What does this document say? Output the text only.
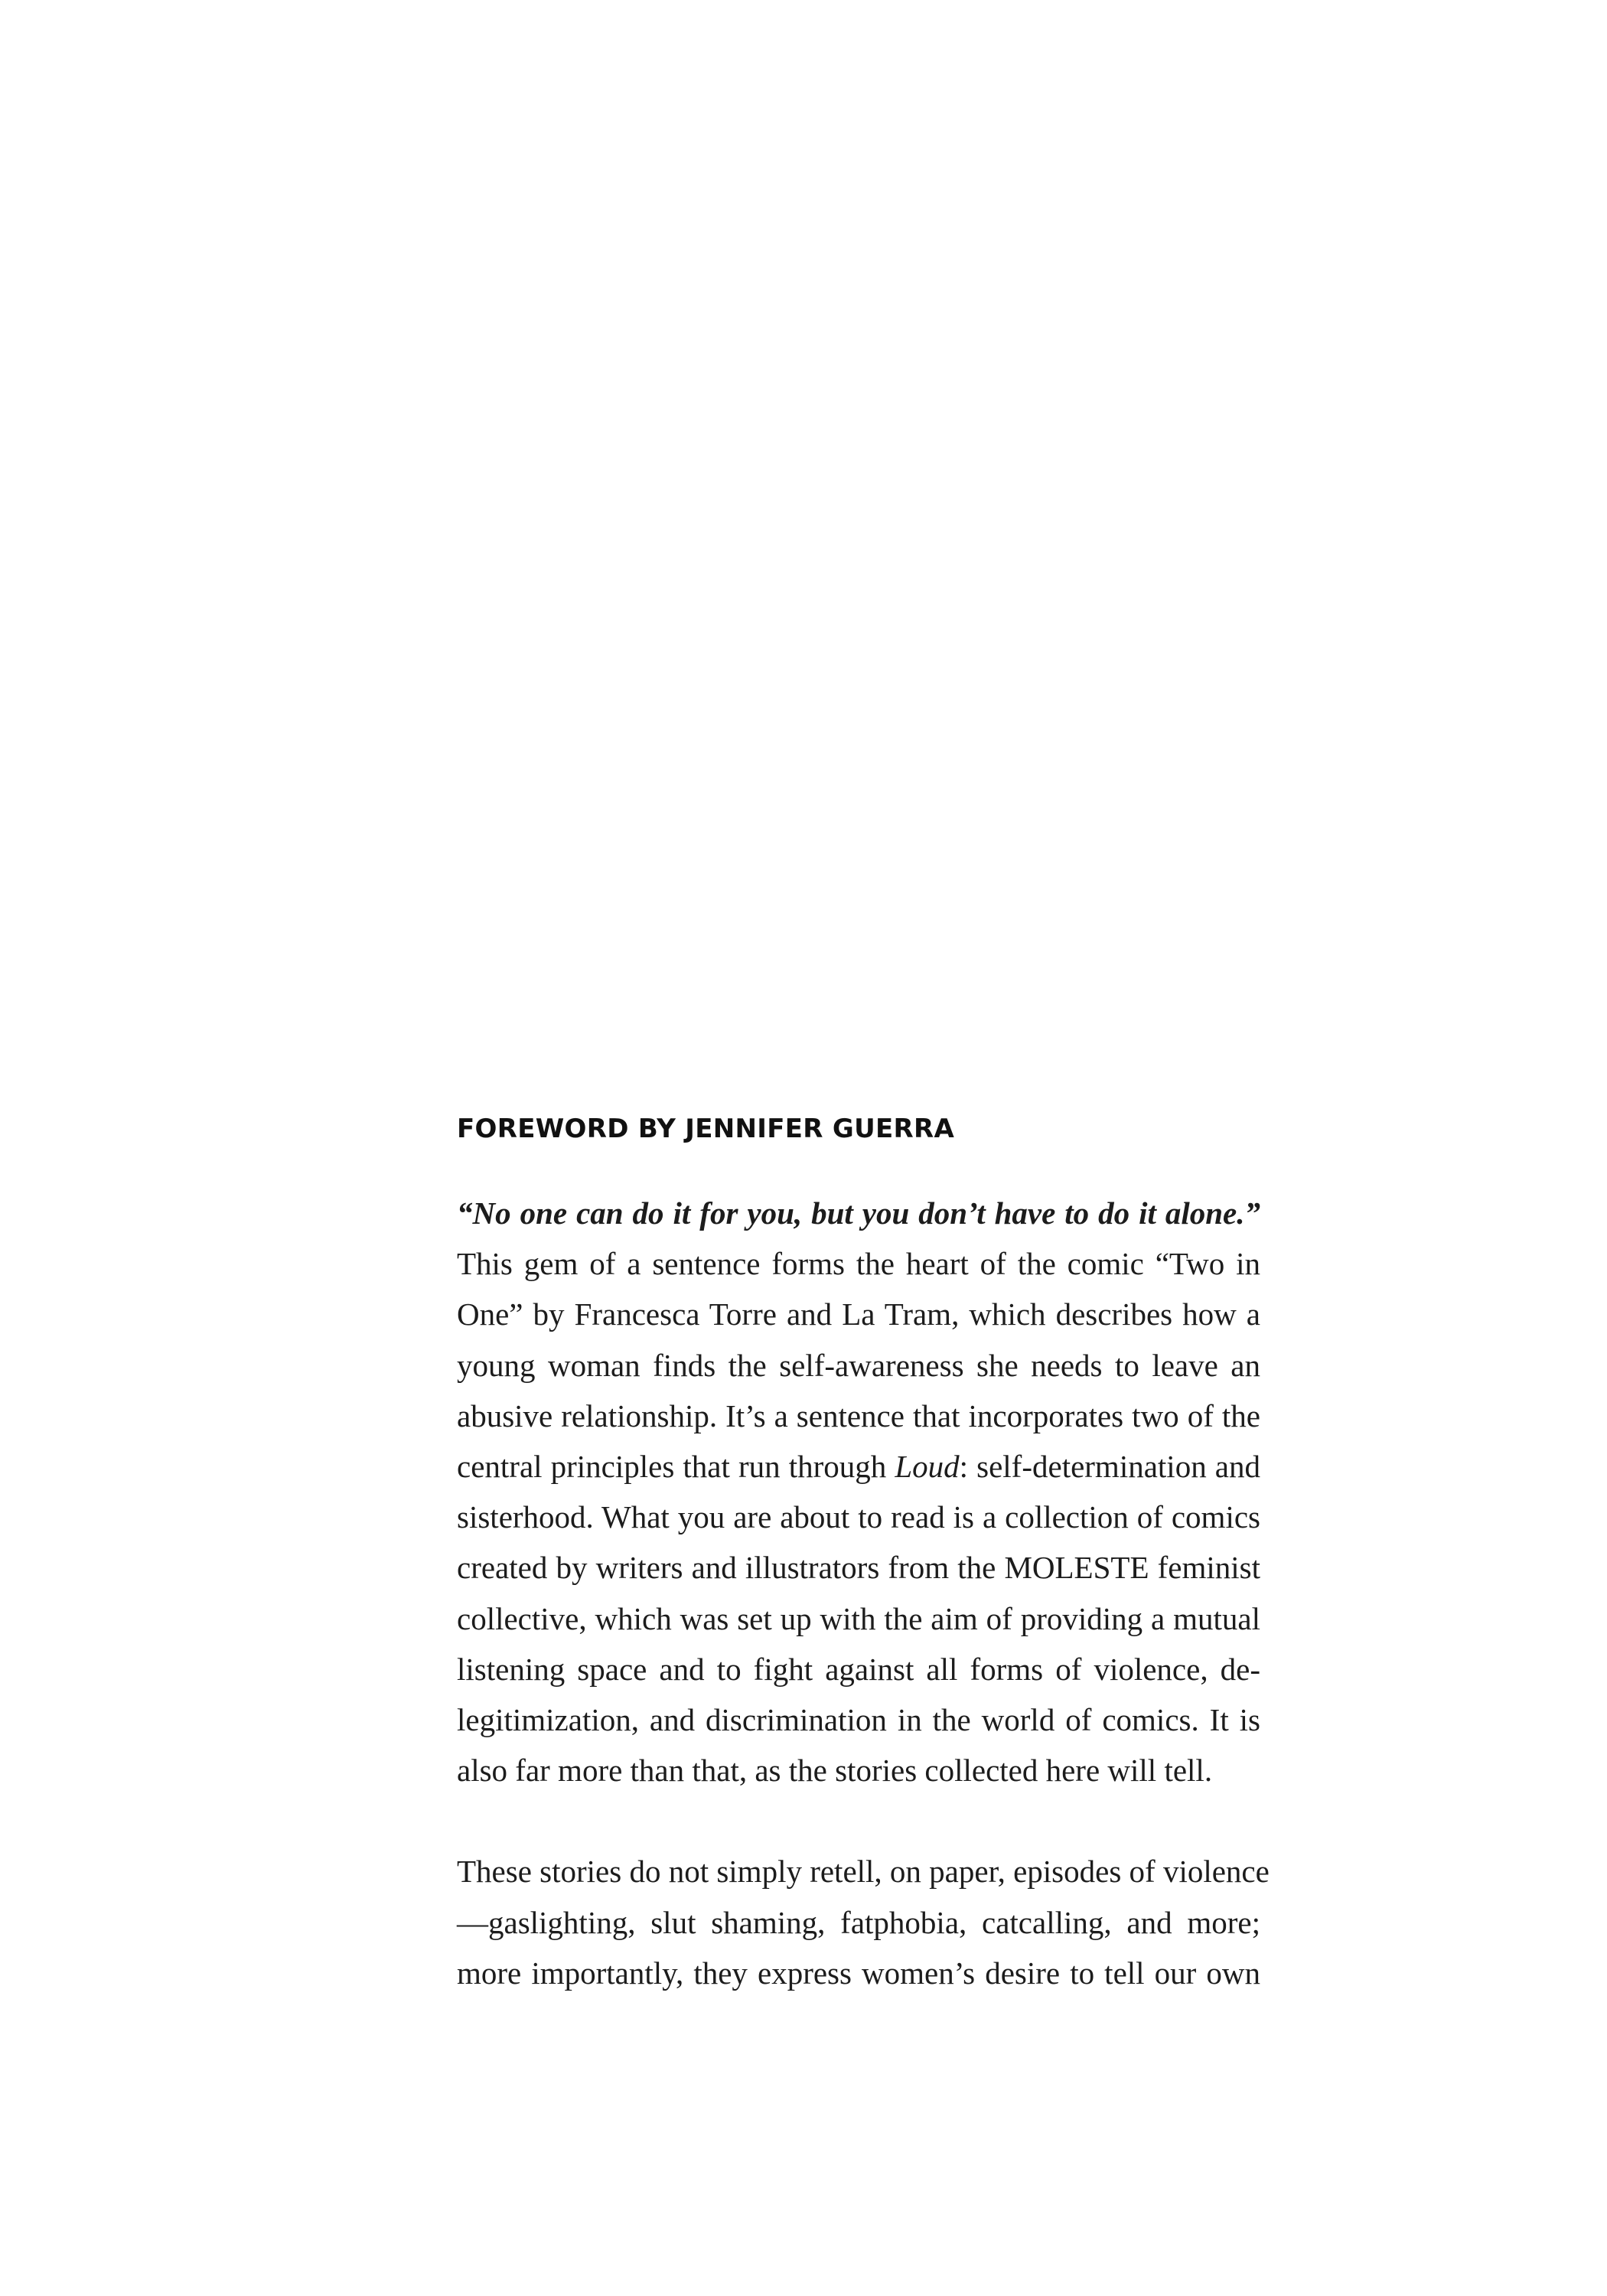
FOREWORD BY JENNIFER GUERRA
“No one can do it for you, but you don’t have to do it alone.”
This gem of a sentence forms the heart of the comic “Two in
One” by Francesca Torre and La Tram, which describes how a
young woman finds the self-awareness she needs to leave an
abusive relationship. It’s a sentence that incorporates two of the
central principles that run through Loud: self-determination and
sisterhood. What you are about to read is a collection of comics
created by writers and illustrators from the MOLESTE feminist
collective, which was set up with the aim of providing a mutual
listening space and to fight against all forms of violence, de-
legitimization, and discrimination in the world of comics. It is
also far more than that, as the stories collected here will tell.
These stories do not simply retell, on paper, episodes of violence
—gaslighting, slut shaming, fatphobia, catcalling, and more;
more importantly, they express women’s desire to tell our own
